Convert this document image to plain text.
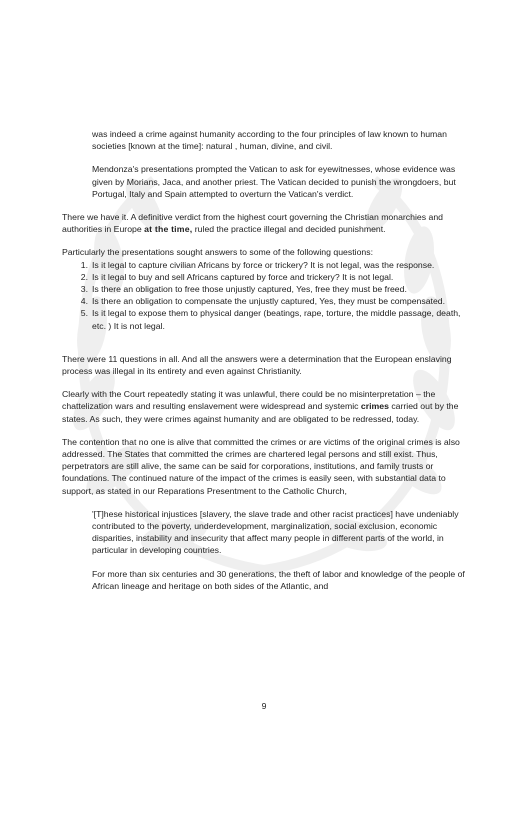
was indeed a crime against humanity according to the four principles of law known to human societies [known at the time]: natural , human, divine, and civil.

Mendonza's presentations prompted the Vatican to ask for eyewitnesses, whose evidence was given by Morians, Jaca, and another priest. The Vatican decided to punish the wrongdoers, but Portugal, Italy and Spain attempted to overturn the Vatican's verdict.

There we have it. A definitive verdict from the highest court governing the Christian monarchies and authorities in Europe at the time, ruled the practice illegal and decided punishment.

Particularly the presentations sought answers to some of the following questions:

1. Is it legal to capture civilian Africans by force or trickery? It is not legal, was the response.
2. Is it legal to buy and sell Africans captured by force and trickery? It is not legal.
3. Is there an obligation to free those unjustly captured, Yes, free they must be freed.
4. Is there an obligation to compensate the unjustly captured, Yes, they must be compensated.
5. Is it legal to expose them to physical danger (beatings, rape, torture, the middle passage, death, etc. ) It is not legal.

There were 11 questions in all. And all the answers were a determination that the European enslaving process was illegal in its entirety and even against Christianity.

Clearly with the Court repeatedly stating it was unlawful, there could be no misinterpretation – the chattelization wars and resulting enslavement were widespread and systemic crimes carried out by the states. As such, they were crimes against humanity and are obligated to be redressed, today.

The contention that no one is alive that committed the crimes or are victims of the original crimes is also addressed. The States that committed the crimes are chartered legal persons and still exist. Thus, perpetrators are still alive, the same can be said for corporations, institutions, and family trusts or foundations. The continued nature of the impact of the crimes is easily seen, with substantial data to support, as stated in our Reparations Presentment to the Catholic Church,

'[T]hese historical injustices [slavery, the slave trade and other racist practices] have undeniably contributed to the poverty, underdevelopment, marginalization, social exclusion, economic disparities, instability and insecurity that affect many people in different parts of the world, in particular in developing countries.

For more than six centuries and 30 generations, the theft of labor and knowledge of the people of African lineage and heritage on both sides of the Atlantic, and

9
